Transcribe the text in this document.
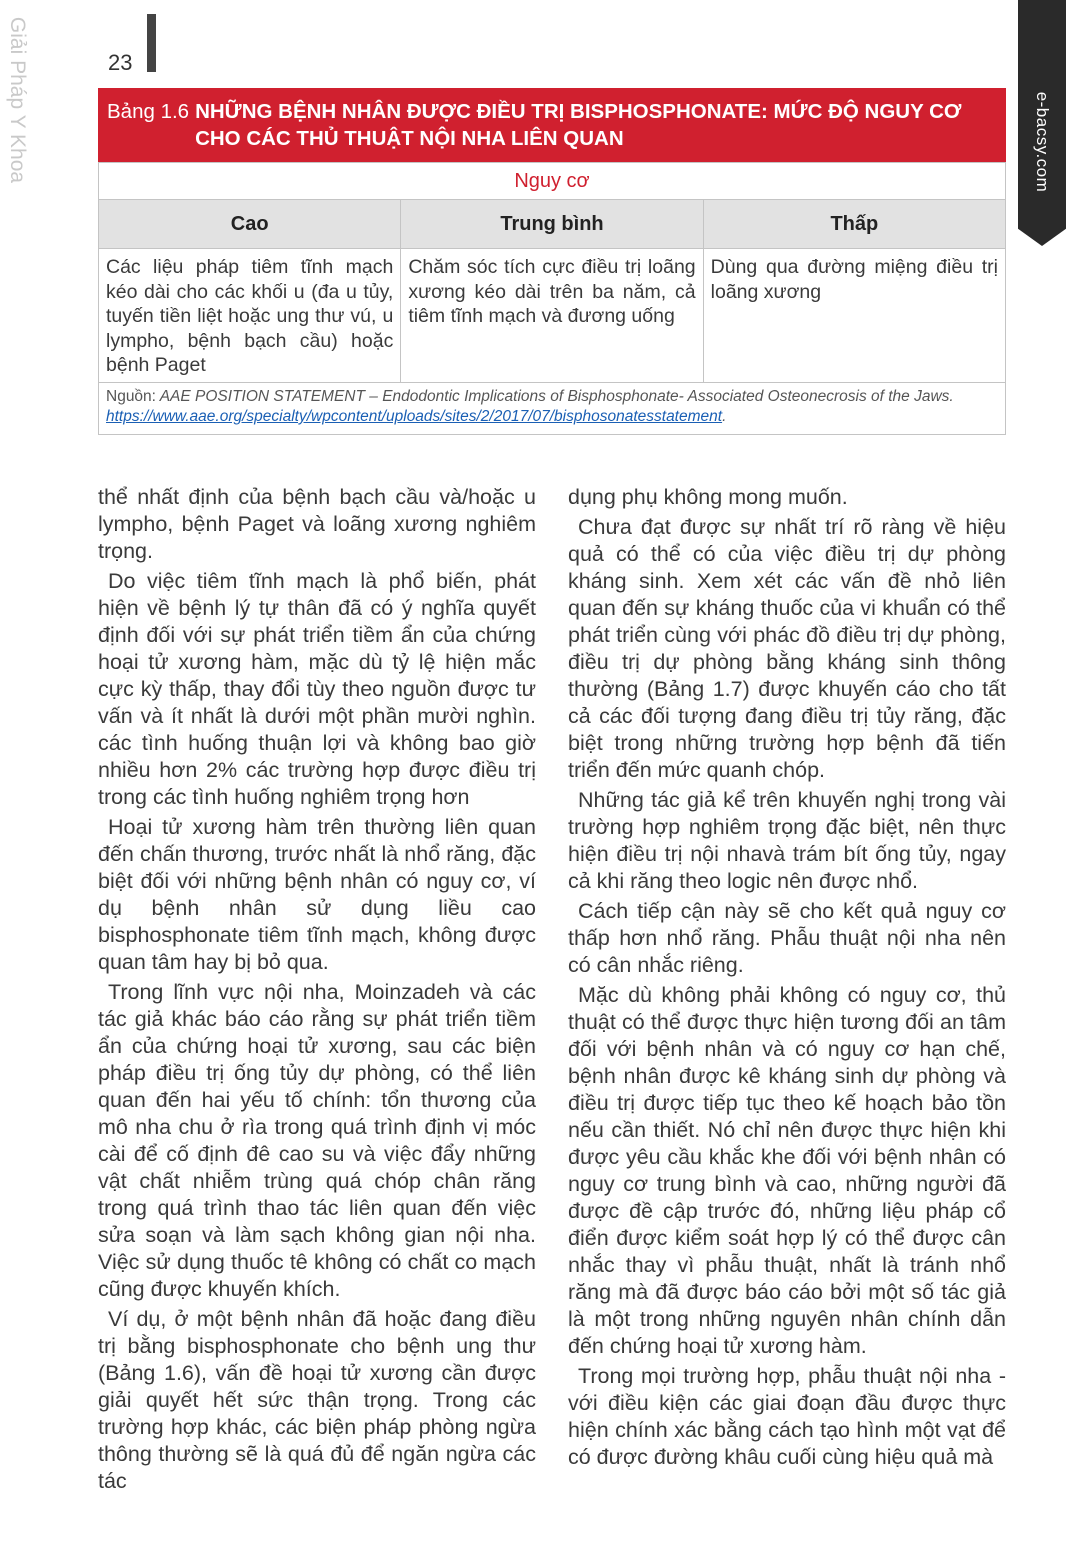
Giải Pháp Y Khoa	23
e-bacsy.com
Bảng 1.6 NHỮNG BỆNH NHÂN ĐƯỢC ĐIỀU TRỊ BISPHOSPHONATE: MỨC ĐỘ NGUY CƠ CHO CÁC THỦ THUẬT NỘI NHA LIÊN QUAN
Nguy cơ		
Cao	Trung bình	Thấp
Các liệu pháp tiêm tĩnh mạch kéo dài cho các khối u (đa u tủy, tuyến tiền liệt hoặc ung thư vú, u lympho, bệnh bạch cầu) hoặc bệnh Paget	Chăm sóc tích cực điều trị loãng xương kéo dài trên ba năm, cả tiêm tĩnh mạch và đương uống	Dùng qua đường miệng điều trị loãng xương
Nguồn: AAE POSITION STATEMENT – Endodontic Implications of Bisphosphonate- Associated Osteonecrosis of the Jaws.
https://www.aae.org/specialty/wpcontent/uploads/sites/2/2017/07/bisphosonatesstatement.		

thể nhất định của bệnh bạch cầu và/hoặc u lympho, bệnh Paget và loãng xương nghiêm trọng.

Do việc tiêm tĩnh mạch là phổ biến, phát hiện về bệnh lý tự thân đã có ý nghĩa quyết định đối với sự phát triển tiềm ẩn của chứng hoại tử xương hàm, mặc dù tỷ lệ hiện mắc cực kỳ thấp, thay đổi tùy theo nguồn được tư vấn và ít nhất là dưới một phần mười nghìn. các tình huống thuận lợi và không bao giờ nhiều hơn 2% các trường hợp được điều trị trong các tình huống nghiêm trọng hơn

Hoại tử xương hàm trên thường liên quan đến chấn thương, trước nhất là nhổ răng, đặc biệt đối với những bệnh nhân có nguy cơ, ví dụ bệnh nhân sử dụng liều cao bisphosphonate tiêm tĩnh mạch, không được quan tâm hay bị bỏ qua.

Trong lĩnh vực nội nha, Moinzadeh và các tác giả khác báo cáo rằng sự phát triển tiềm ẩn của chứng hoại tử xương, sau các biện pháp điều trị ống tủy dự phòng, có thể liên quan đến hai yếu tố chính: tổn thương của mô nha chu ở rìa trong quá trình định vị móc cài để cố định đê cao su và việc đẩy những vật chất nhiễm trùng quá chóp chân răng trong quá trình thao tác liên quan đến việc sửa soạn và làm sạch không gian nội nha. Việc sử dụng thuốc tê không có chất co mạch cũng được khuyến khích.

Ví dụ, ở một bệnh nhân đã hoặc đang điều trị bằng bisphosphonate cho bệnh ung thư (Bảng 1.6), vấn đề hoại tử xương cần được giải quyết hết sức thận trọng. Trong các trường hợp khác, các biện pháp phòng ngừa thông thường sẽ là quá đủ để ngăn ngừa các tác

dụng phụ không mong muốn.

Chưa đạt được sự nhất trí rõ ràng về hiệu quả có thể có của việc điều trị dự phòng kháng sinh. Xem xét các vấn đề nhỏ liên quan đến sự kháng thuốc của vi khuẩn có thể phát triển cùng với phác đồ điều trị dự phòng, điều trị dự phòng bằng kháng sinh thông thường (Bảng 1.7) được khuyến cáo cho tất cả các đối tượng đang điều trị tủy răng, đặc biệt trong những trường hợp bệnh đã tiến triển đến mức quanh chóp.

Những tác giả kể trên khuyến nghị trong vài trường hợp nghiêm trọng đặc biệt, nên thực hiện điều trị nội nhavà trám bít ống tủy, ngay cả khi răng theo logic nên được nhổ.

Cách tiếp cận này sẽ cho kết quả nguy cơ thấp hơn nhổ răng. Phẫu thuật nội nha nên có cân nhắc riêng.

Mặc dù không phải không có nguy cơ, thủ thuật có thể được thực hiện tương đối an tâm đối với bệnh nhân và có nguy cơ hạn chế, bệnh nhân được kê kháng sinh dự phòng và điều trị được tiếp tục theo kế hoạch bảo tồn nếu cần thiết. Nó chỉ nên được thực hiện khi được yêu cầu khắc khe đối với bệnh nhân có nguy cơ trung bình và cao, những người đã được đề cập trước đó, những liệu pháp cổ điển được kiểm soát hợp lý có thể được cân nhắc thay vì phẫu thuật, nhất là tránh nhổ răng mà đã được báo cáo bởi một số tác giả là một trong những nguyên nhân chính dẫn đến chứng hoại tử xương hàm.

Trong mọi trường hợp, phẫu thuật nội nha - với điều kiện các giai đoạn đầu được thực hiện chính xác bằng cách tạo hình một vạt để có được đường khâu cuối cùng hiệu quả mà
